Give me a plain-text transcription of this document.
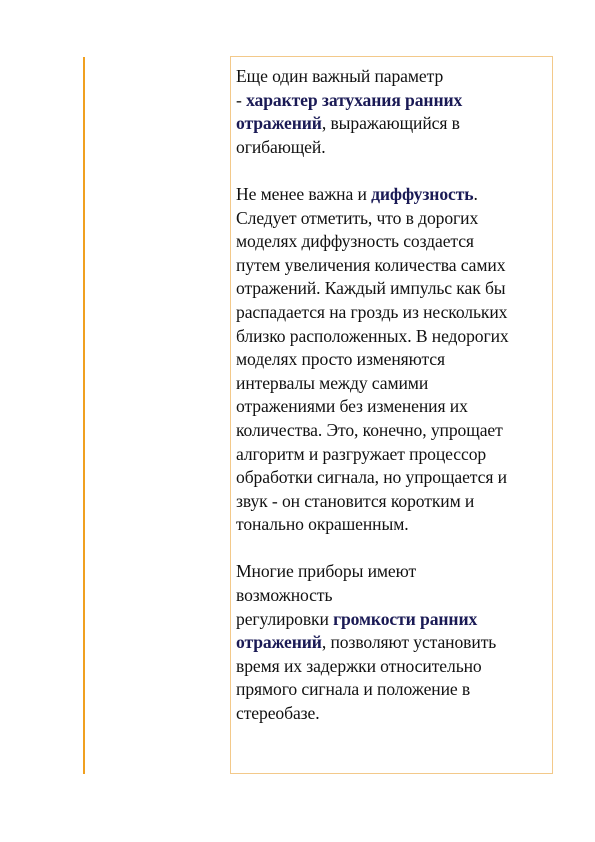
Еще один важный параметр
- характер затухания ранних
отражений, выражающийся в
огибающей.
Не менее важна и диффузность.
Следует отметить, что в дорогих
моделях диффузность создается
путем увеличения количества самих
отражений. Каждый импульс как бы
распадается на гроздь из нескольких
близко расположенных. В недорогих
моделях просто изменяются
интервалы между самими
отражениями без изменения их
количества. Это, конечно, упрощает
алгоритм и разгружает процессор
обработки сигнала, но упрощается и
звук - он становится коротким и
тонально окрашенным.
Многие приборы имеют
возможность
регулировки громкости ранних
отражений, позволяют установить
время их задержки относительно
прямого сигнала и положение в
стереобазе.
